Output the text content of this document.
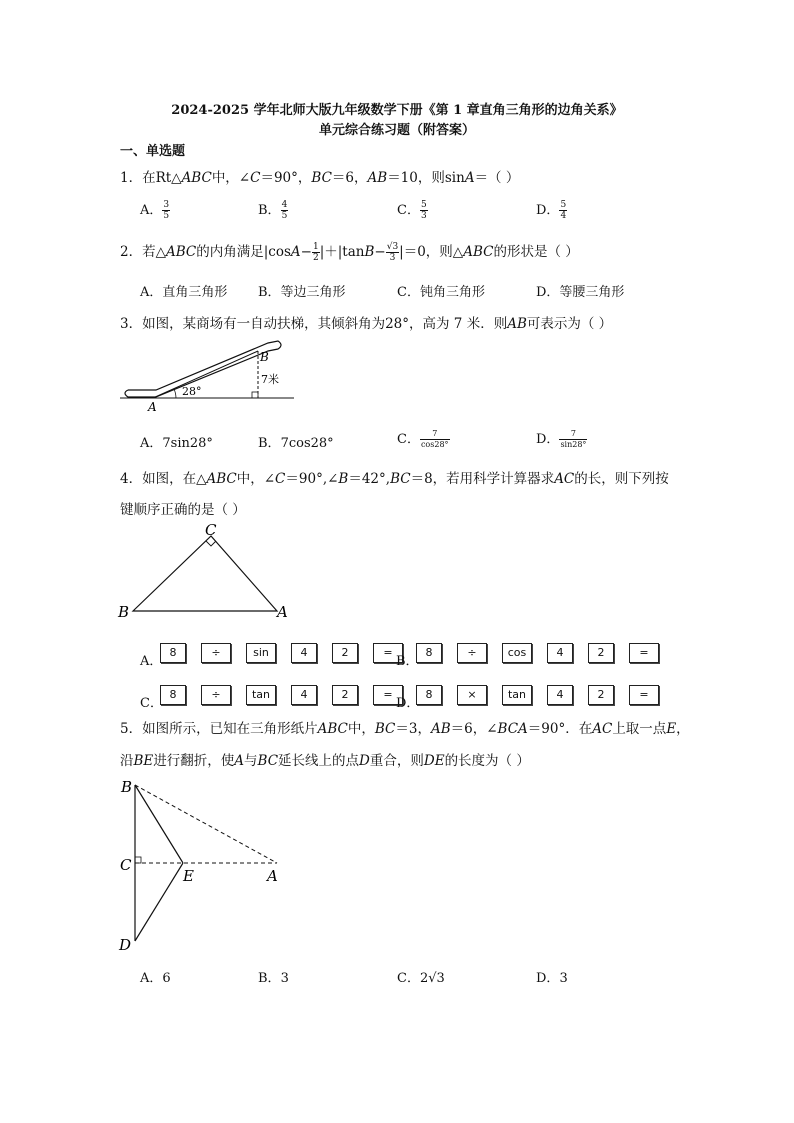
2024-2025 学年北师大版九年级数学下册《第 1 章直角三角形的边角关系》
单元综合练习题（附答案）
一、单选题
1．在Rt△ABC中，∠C＝90°，BC＝6，AB＝10，则sinA＝（ ）
A． $\frac{3}{5}$	B． $\frac{4}{5}$	C． $\frac{5}{3}$	D． $\frac{5}{4}$
2．若△ABC的内角满足$|\cos A- \frac{1}{2} |+|\tan B- \frac{√3}{3} |=0$，则△ABC的形状是（ ）
A．直角三角形 B．等边三角形	C．钝角三角形	D．等腰三角形
3．如图，某商场有一自动扶梯，其倾斜角为28°，高为 7 米．则AB可表示为（ ）
A
B
28°
7米
A．7sin28°	B．7cos28°	C． $\frac{7}{\cos 28^\circ}$	D． $\frac{7}{\sin 28^\circ}$
4．如图，在△ABC中，∠C＝90°,∠B＝42°,BC＝8，若用科学计算器求AC的长，则下列按
键顺序正确的是（ ）
C
B	A
A．
8	÷	sin	4	2	=
B．
8	÷	cos	4	2	=
C．
8	÷	tan	4	2	=
D．
8	×	tan	4	2	=
5．如图所示，已知在三角形纸片ABC中，BC＝3，AB＝6，∠BCA＝90°．在AC上取一点E，
沿BE进行翻折，使A与BC延长线上的点D重合，则DE的长度为（ ）
B
C
E	A
D
A．6	B．3	C．2√3	D．3
